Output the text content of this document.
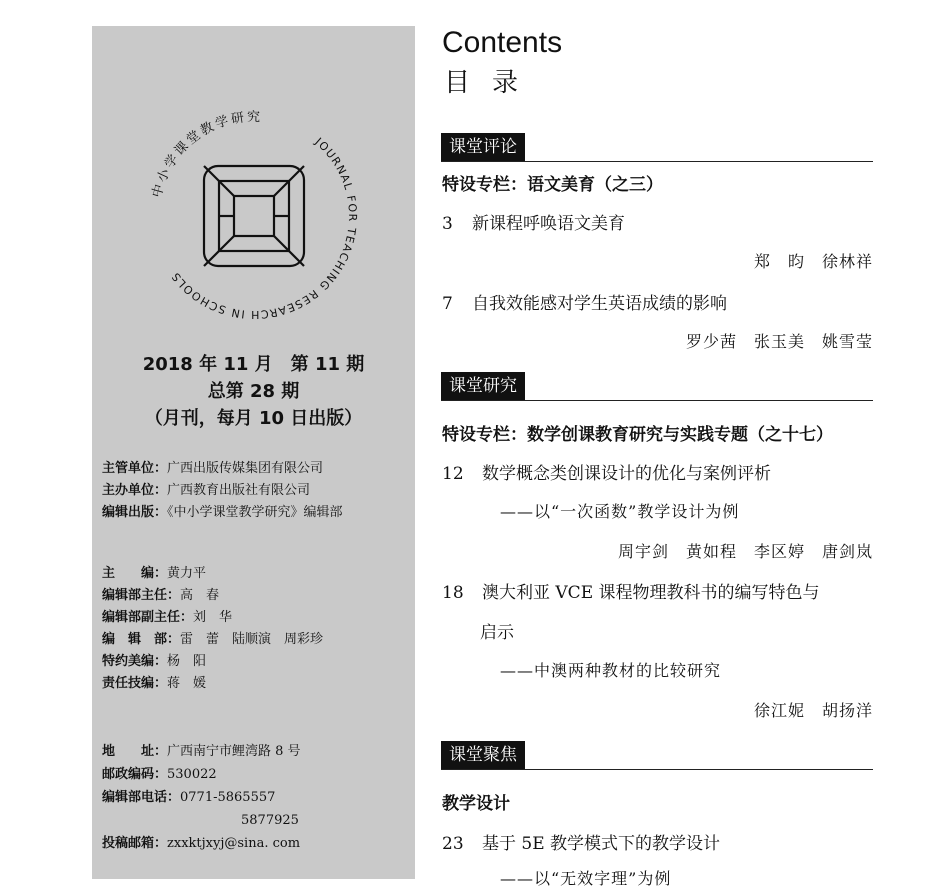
中小学课堂教学研究
JOURNAL FOR TEACHING RESEARCH IN SCHOOLS
2018 年 11 月　第 11 期
总第 28 期
（月刊，每月 10 日出版）
主管单位：广西出版传媒集团有限公司
主办单位：广西教育出版社有限公司
编辑出版：《中小学课堂教学研究》编辑部
主　　编：黄力平
编辑部主任：高　春
编辑部副主任：刘　华
编　辑　部：雷　蕾　陆顺演　周彩珍
特约美编：杨　阳
责任技编：蒋　媛
地　　址：广西南宁市鲤湾路 8 号
邮政编码：530022
编辑部电话：0771-5865557
5877925
投稿邮箱：zxxktjxyj@sina. com
Contents
目录
课堂评论
特设专栏：语文美育（之三）
3 新课程呼唤语文美育
郑　昀　徐林祥
7 自我效能感对学生英语成绩的影响
罗少茜　张玉美　姚雪莹
课堂研究
特设专栏：数学创课教育研究与实践专题（之十七）
12 数学概念类创课设计的优化与案例评析
——以“一次函数”教学设计为例
周宇剑　黄如程　李区婷　唐剑岚
18 澳大利亚 VCE 课程物理教科书的编写特色与
启示
——中澳两种教材的比较研究
徐江妮　胡扬洋
课堂聚焦
教学设计
23 基于 5E 教学模式下的教学设计
——以“无效字理”为例
